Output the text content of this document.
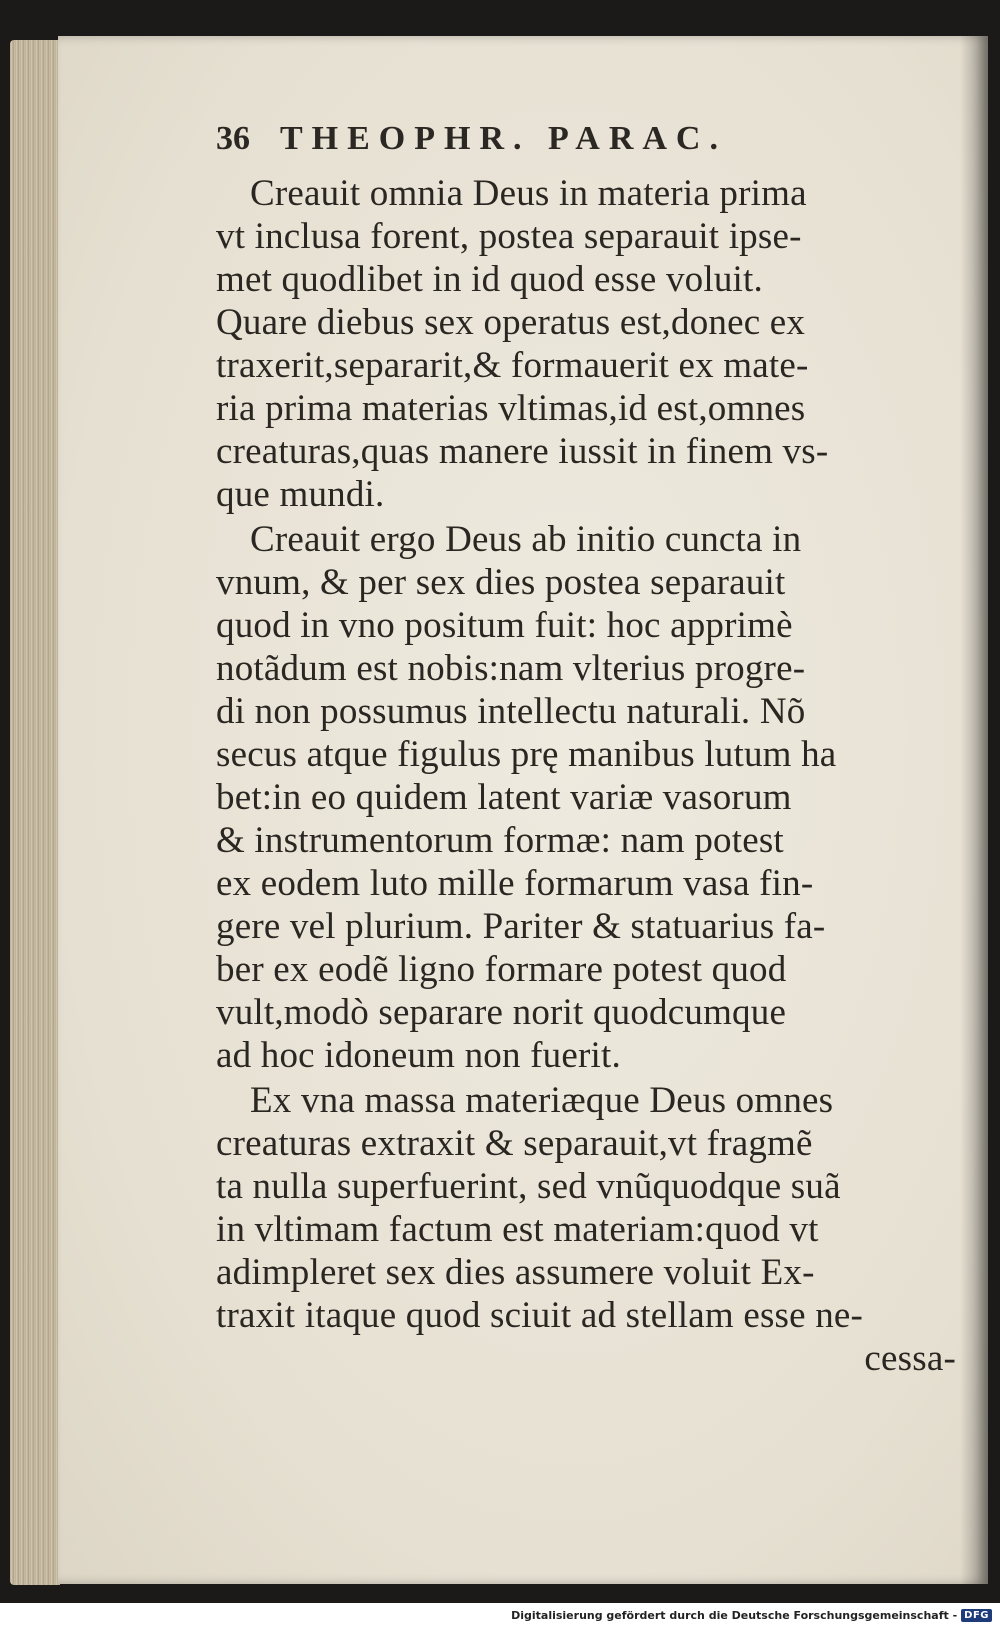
36 THEOPHR. PARAC.
Creauit omnia Deus in materia prima
vt inclusa forent, postea separauit ipse-
met quodlibet in id quod esse voluit.
Quare diebus sex operatus est,donec ex
traxerit,separarit,& formauerit ex mate-
ria prima materias vltimas,id est,omnes
creaturas,quas manere iussit in finem vs-
que mundi.
Creauit ergo Deus ab initio cuncta in
vnum, & per sex dies postea separauit
quod in vno positum fuit: hoc apprimè
notãdum est nobis:nam vlterius progre-
di non possumus intellectu naturali. Nõ
secus atque figulus prę manibus lutum ha
bet:in eo quidem latent variæ vasorum
& instrumentorum formæ: nam potest
ex eodem luto mille formarum vasa fin-
gere vel plurium. Pariter & statuarius fa-
ber ex eodẽ ligno formare potest quod
vult,modò separare norit quodcumque
ad hoc idoneum non fuerit.
Ex vna massa materiæque Deus omnes
creaturas extraxit & separauit,vt fragmẽ
ta nulla superfuerint, sed vnũquodque suã
in vltimam factum est materiam:quod vt
adimpleret sex dies assumere voluit Ex-
traxit itaque quod sciuit ad stellam esse ne-
cessa-
Digitalisierung gefördert durch die Deutsche Forschungsgemeinschaft - DFG
